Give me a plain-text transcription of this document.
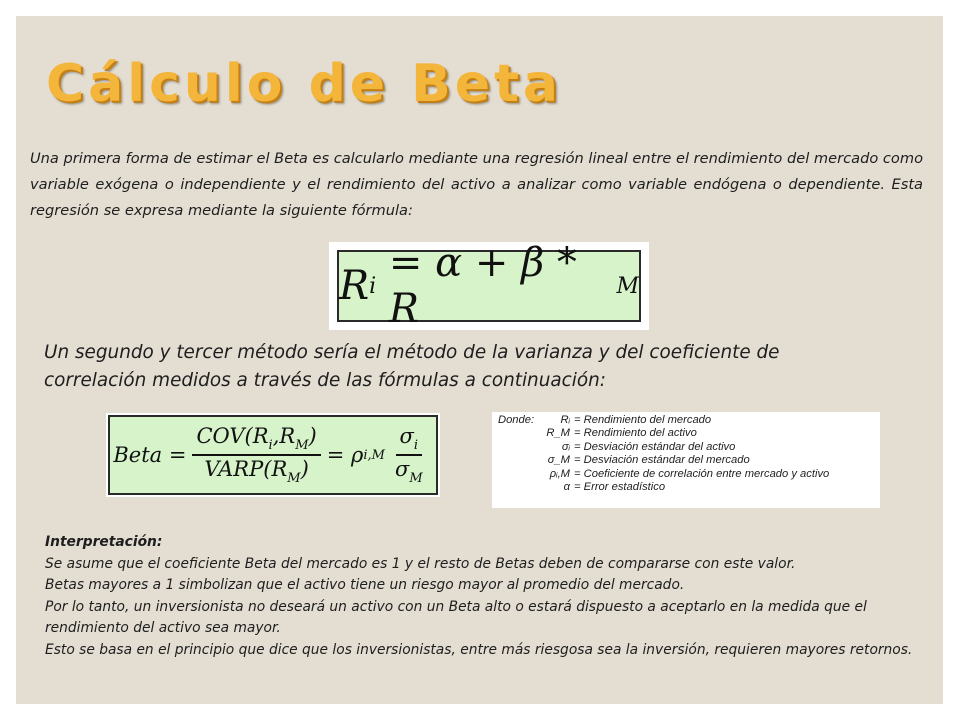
Cálculo de Beta
Una primera forma de estimar el Beta es calcularlo mediante una regresión lineal entre el rendimiento del mercado como variable exógena o independiente y el rendimiento del activo a analizar como variable endógena o dependiente. Esta regresión se expresa mediante la siguiente fórmula:
R i
= α + β * R	M
Un segundo y tercer método sería el método de la varianza y del coeficiente de correlación medidos a través de las fórmulas a continuación:
Beta = $\frac{COV(R_i,R_M)}{VARP(R_M)} = \rho$ $i,M \frac{\sigma_i}{\sigma_M}$
Donde:	Rᵢ = Rendimiento del mercado
R_M = Rendimiento del activo
σᵢ = Desviación estándar del activo
σ_M = Desviación estándar del mercado
ρᵢ,M = Coeficiente de correlación entre mercado y activo
α = Error estadístico
Interpretación:
Se asume que el coeficiente Beta del mercado es 1 y el resto de Betas deben de compararse con este valor.
Betas mayores a 1 simbolizan que el activo tiene un riesgo mayor al promedio del mercado.
Por lo tanto, un inversionista no deseará un activo con un Beta alto o estará dispuesto a aceptarlo en la medida que el rendimiento del activo sea mayor.
Esto se basa en el principio que dice que los inversionistas, entre más riesgosa sea la inversión, requieren mayores retornos.
